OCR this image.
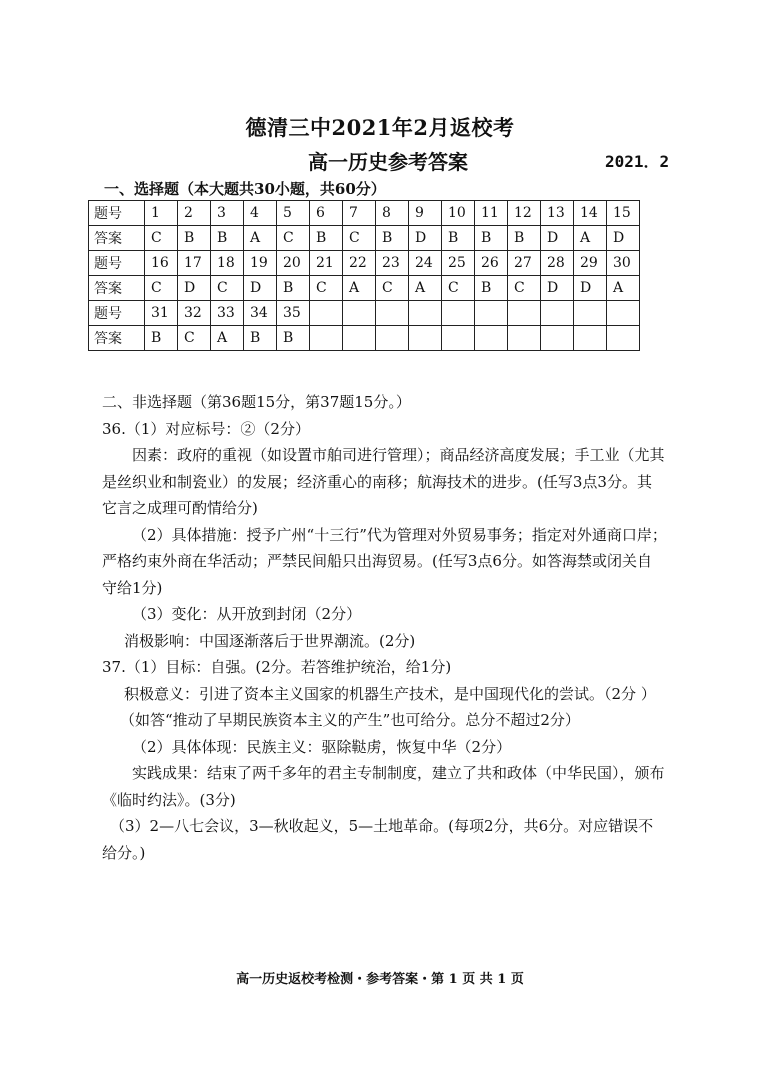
德清三中2021年2月返校考
高一历史参考答案	2021．2
一、选择题（本大题共30小题，共60分）
题号	1	2	3	4	5	6	7	8	9	10	11	12	13	14	15
答案	C	B	B	A	C	B	C	B	D	B	B	B	D	A	D
题号	16	17	18	19	20	21	22	23	24	25	26	27	28	29	30
答案	C	D	C	D	B	C	A	C	A	C	B	C	D	D	A
题号	31	32	33	34	35										
答案	B	C	A	B	B										

二、非选择题（第36题15分，第37题15分。）

36.（1）对应标号：②（2分）

因素：政府的重视（如设置市舶司进行管理）；商品经济高度发展；手工业（尤其

是丝织业和制瓷业）的发展；经济重心的南移；航海技术的进步。(任写3点3分。其

它言之成理可酌情给分)

（2）具体措施：授予广州“十三行”代为管理对外贸易事务；指定对外通商口岸；

严格约束外商在华活动；严禁民间船只出海贸易。(任写3点6分。如答海禁或闭关自

守给1分)

（3）变化：从开放到封闭（2分）

消极影响：中国逐渐落后于世界潮流。(2分)

37.（1）目标：自强。(2分。若答维护统治，给1分)

积极意义：引进了资本主义国家的机器生产技术，是中国现代化的尝试。（2分 ）

（如答“推动了早期民族资本主义的产生”也可给分。总分不超过2分）

（2）具体体现：民族主义：驱除鞑虏，恢复中华（2分）

实践成果：结束了两千多年的君主专制制度，建立了共和政体（中华民国），颁布

《临时约法》。(3分)

（3）2—八七会议，3—秋收起义，5—土地革命。(每项2分，共6分。对应错误不

给分。)

高一历史返校考检测・参考答案・第 1 页 共 1 页
